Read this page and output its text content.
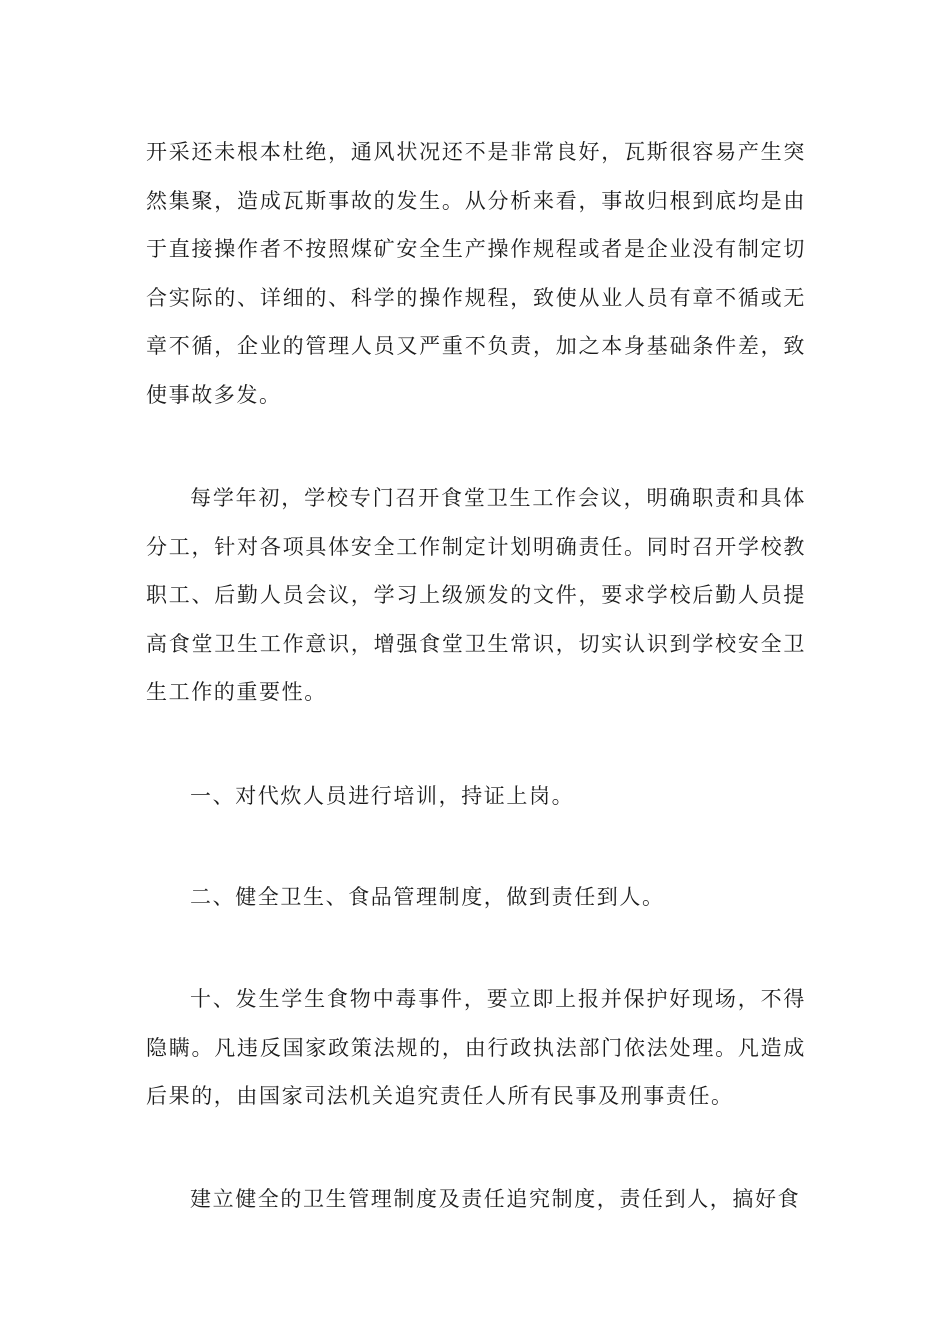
开采还未根本杜绝，通风状况还不是非常良好，瓦斯很容易产生突然集聚，造成瓦斯事故的发生。从分析来看，事故归根到底均是由于直接操作者不按照煤矿安全生产操作规程或者是企业没有制定切合实际的、详细的、科学的操作规程，致使从业人员有章不循或无章不循，企业的管理人员又严重不负责，加之本身基础条件差，致使事故多发。

每学年初，学校专门召开食堂卫生工作会议，明确职责和具体分工，针对各项具体安全工作制定计划明确责任。同时召开学校教职工、后勤人员会议，学习上级颁发的文件，要求学校后勤人员提高食堂卫生工作意识，增强食堂卫生常识，切实认识到学校安全卫生工作的重要性。

一、对代炊人员进行培训，持证上岗。

二、健全卫生、食品管理制度，做到责任到人。

十、发生学生食物中毒事件，要立即上报并保护好现场，不得隐瞒。凡违反国家政策法规的，由行政执法部门依法处理。凡造成后果的，由国家司法机关追究责任人所有民事及刑事责任。

建立健全的卫生管理制度及责任追究制度，责任到人，搞好食
